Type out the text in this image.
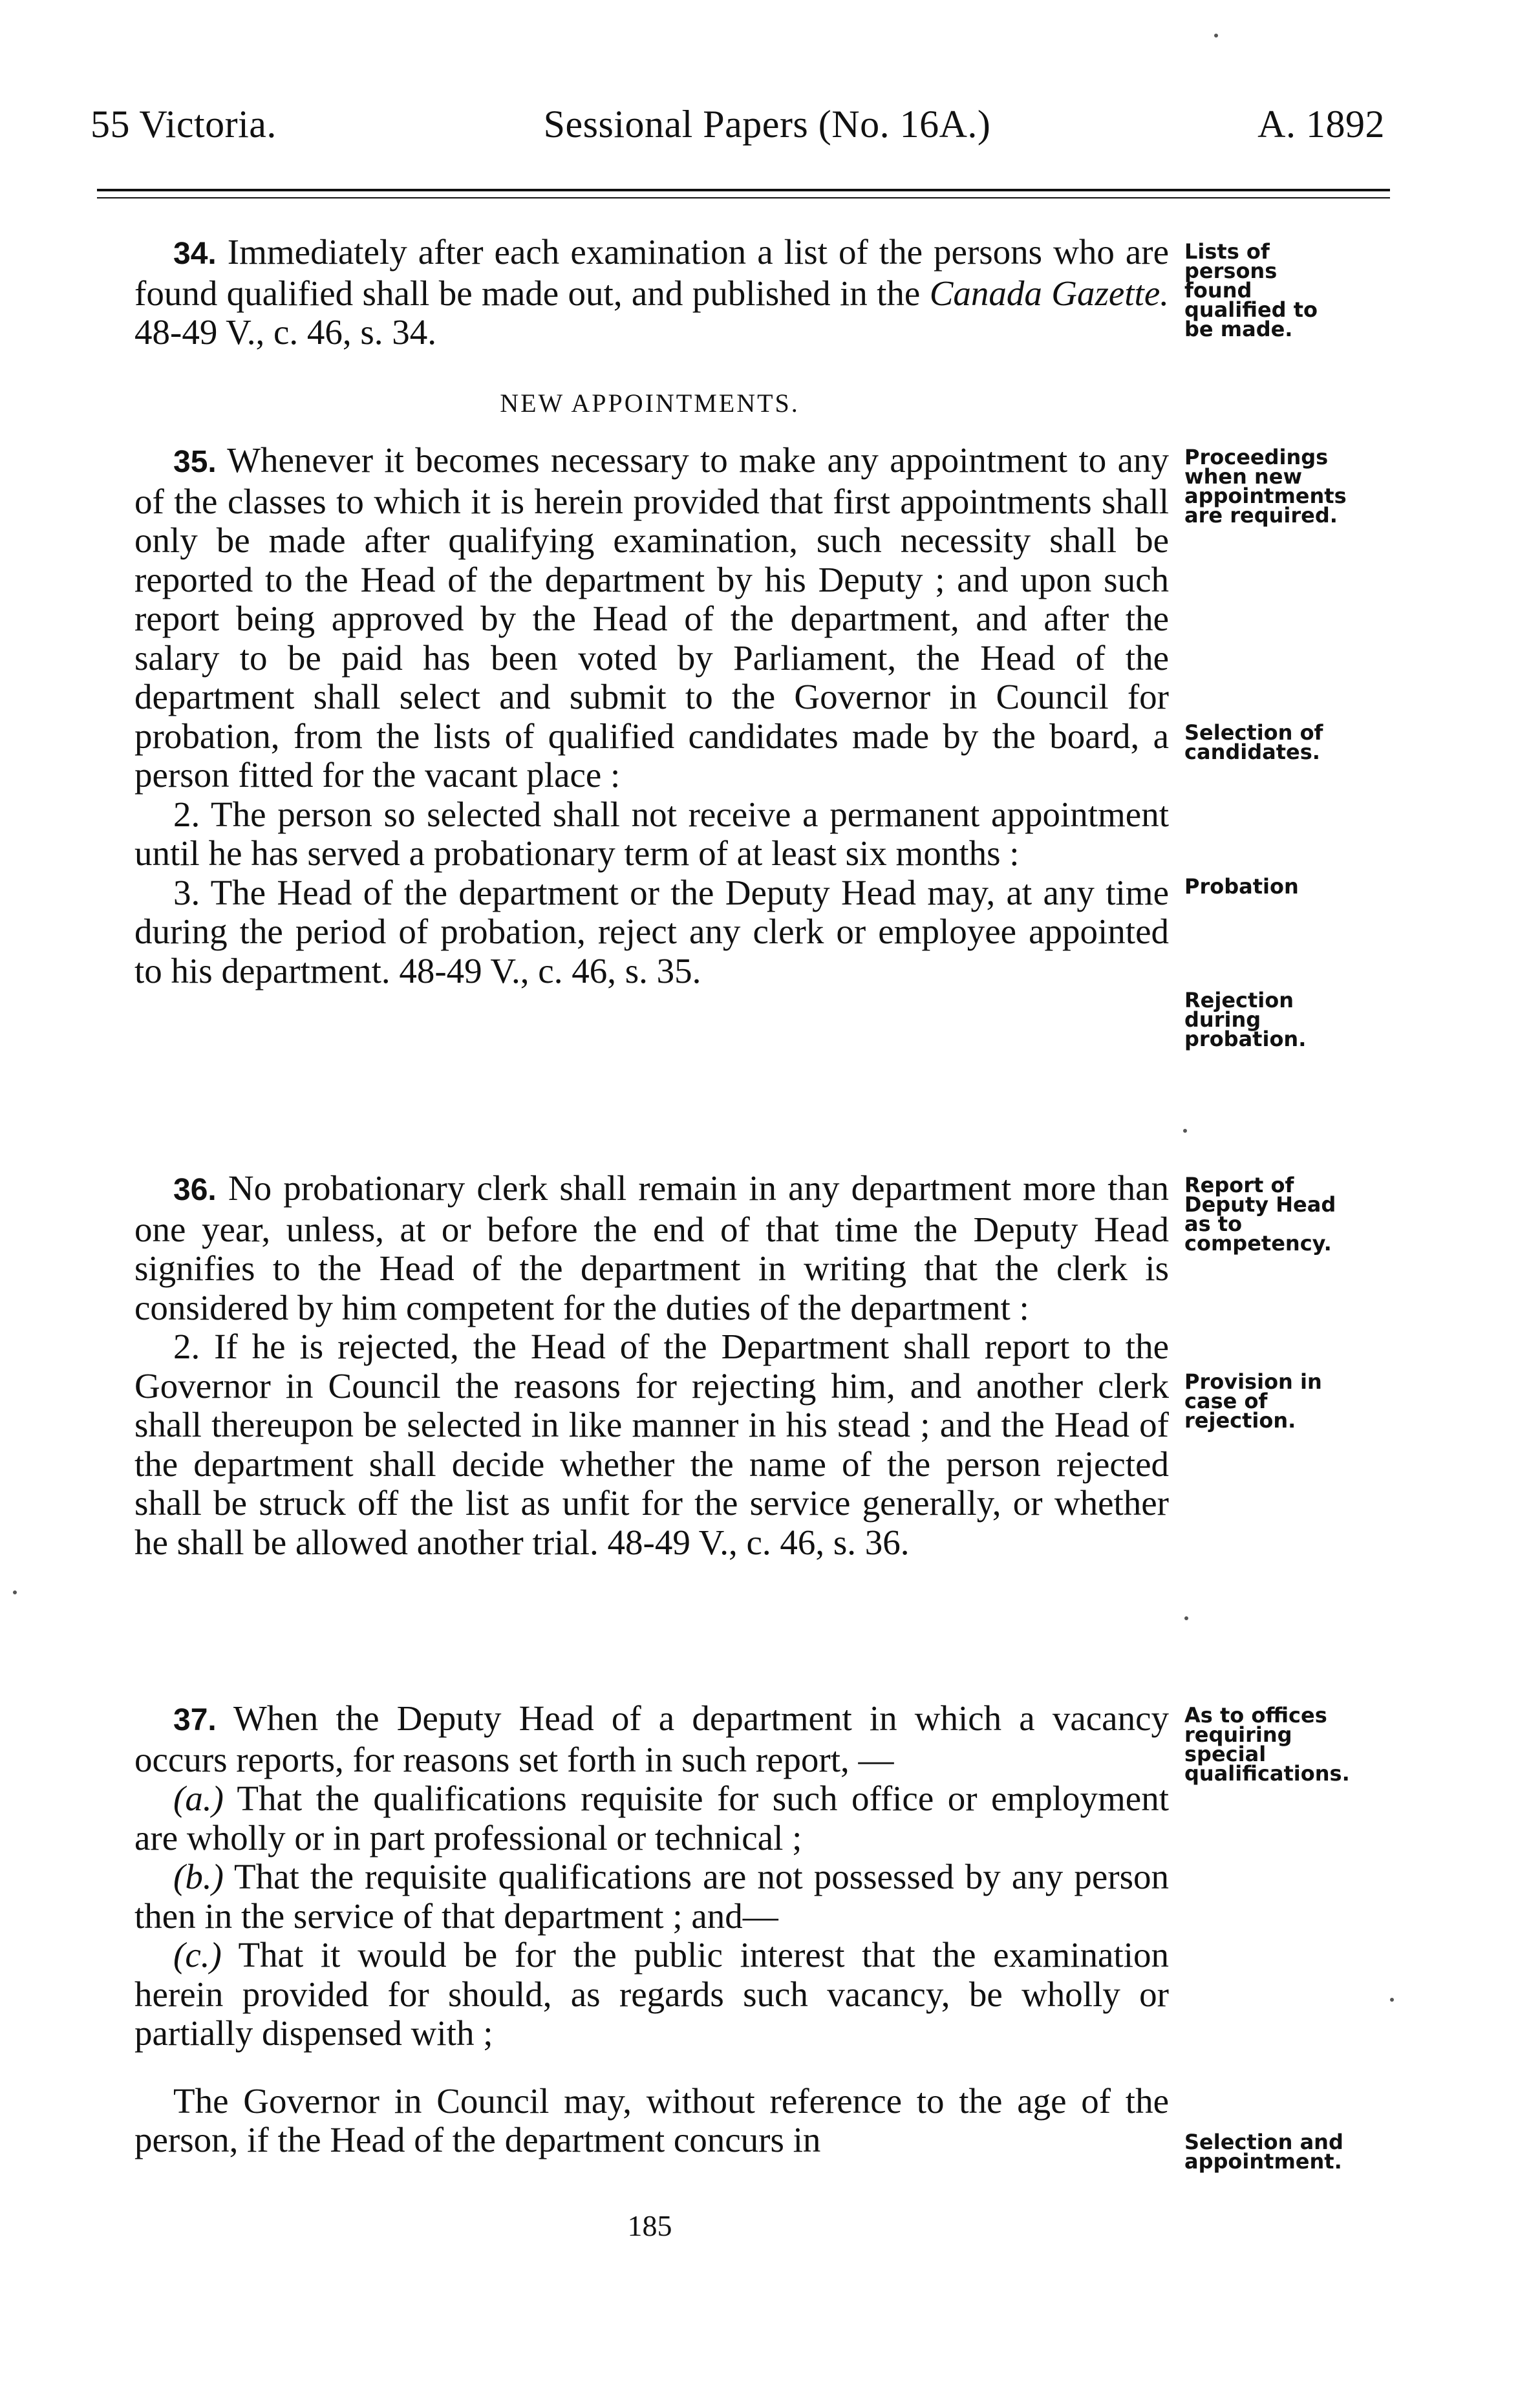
55 Victoria.	Sessional Papers (No. 16A.)	A. 1892

34. Immediately after each examination a list of the persons who are found qualified shall be made out, and published in the Canada Gazette. 48-49 V., c. 46, s. 34.

NEW APPOINTMENTS.

35. Whenever it becomes necessary to make any appointment to any of the classes to which it is herein provided that first appointments shall only be made after qualifying examination, such necessity shall be reported to the Head of the department by his Deputy ; and upon such report being approved by the Head of the department, and after the salary to be paid has been voted by Parliament, the Head of the department shall select and submit to the Governor in Council for probation, from the lists of qualified candidates made by the board, a person fitted for the vacant place :

2. The person so selected shall not receive a permanent appointment until he has served a probationary term of at least six months :

3. The Head of the department or the Deputy Head may, at any time during the period of probation, reject any clerk or employee appointed to his department. 48-49 V., c. 46, s. 35.

36. No probationary clerk shall remain in any department more than one year, unless, at or before the end of that time the Deputy Head signifies to the Head of the department in writing that the clerk is considered by him competent for the duties of the department :

2. If he is rejected, the Head of the Department shall report to the Governor in Council the reasons for rejecting him, and another clerk shall thereupon be selected in like manner in his stead ; and the Head of the department shall decide whether the name of the person rejected shall be struck off the list as unfit for the service generally, or whether he shall be allowed another trial. 48-49 V., c. 46, s. 36.

37. When the Deputy Head of a department in which a vacancy occurs reports, for reasons set forth in such report, —

(a.) That the qualifications requisite for such office or employment are wholly or in part professional or technical ;

(b.) That the requisite qualifications are not possessed by any person then in the service of that department ; and—

(c.) That it would be for the public interest that the examination herein provided for should, as regards such vacancy, be wholly or partially dispensed with ;

The Governor in Council may, without reference to the age of the person, if the Head of the department concurs in

Lists of persons found qualified to be made.
Proceedings when new appointments are required.
Selection of candidates.
Probation
Rejection during probation.
Report of Deputy Head as to competency.
Provision in case of rejection.
As to offices requiring special qualifications.
Selection and appointment.
185
